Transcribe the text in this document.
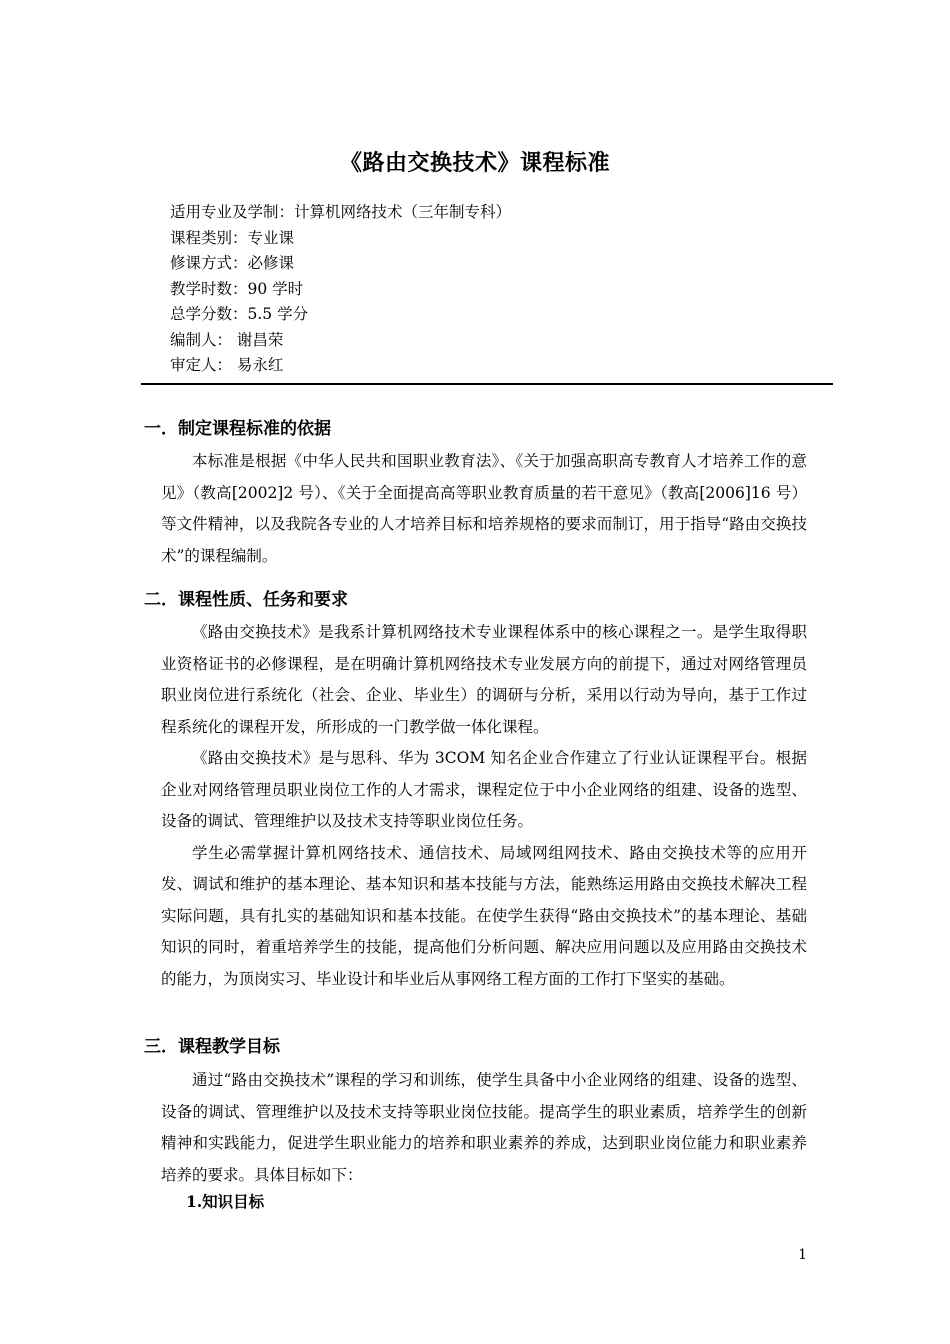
《路由交换技术》课程标准
适用专业及学制：计算机网络技术（三年制专科）
课程类别：专业课
修课方式：必修课
教学时数：90 学时
总学分数：5.5 学分
编制人： 谢昌荣
审定人： 易永红
一．制定课程标准的依据

本标准是根据《中华人民共和国职业教育法》、《关于加强高职高专教育人才培养工作的意见》（教高[2002]2 号）、《关于全面提高高等职业教育质量的若干意见》（教高[2006]16 号）等文件精神，以及我院各专业的人才培养目标和培养规格的要求而制订，用于指导“路由交换技术”的课程编制。

二．课程性质、任务和要求

《路由交换技术》是我系计算机网络技术专业课程体系中的核心课程之一。是学生取得职业资格证书的必修课程，是在明确计算机网络技术专业发展方向的前提下，通过对网络管理员职业岗位进行系统化（社会、企业、毕业生）的调研与分析，采用以行动为导向，基于工作过程系统化的课程开发，所形成的一门教学做一体化课程。

《路由交换技术》是与思科、华为 3COM 知名企业合作建立了行业认证课程平台。根据企业对网络管理员职业岗位工作的人才需求，课程定位于中小企业网络的组建、设备的选型、设备的调试、管理维护以及技术支持等职业岗位任务。

学生必需掌握计算机网络技术、通信技术、局域网组网技术、路由交换技术等的应用开发、调试和维护的基本理论、基本知识和基本技能与方法，能熟练运用路由交换技术解决工程实际问题，具有扎实的基础知识和基本技能。在使学生获得“路由交换技术”的基本理论、基础知识的同时，着重培养学生的技能，提高他们分析问题、解决应用问题以及应用路由交换技术的能力，为顶岗实习、毕业设计和毕业后从事网络工程方面的工作打下坚实的基础。

三．课程教学目标

通过“路由交换技术”课程的学习和训练，使学生具备中小企业网络的组建、设备的选型、设备的调试、管理维护以及技术支持等职业岗位技能。提高学生的职业素质，培养学生的创新精神和实践能力，促进学生职业能力的培养和职业素养的养成，达到职业岗位能力和职业素养培养的要求。具体目标如下：

1.知识目标
1
